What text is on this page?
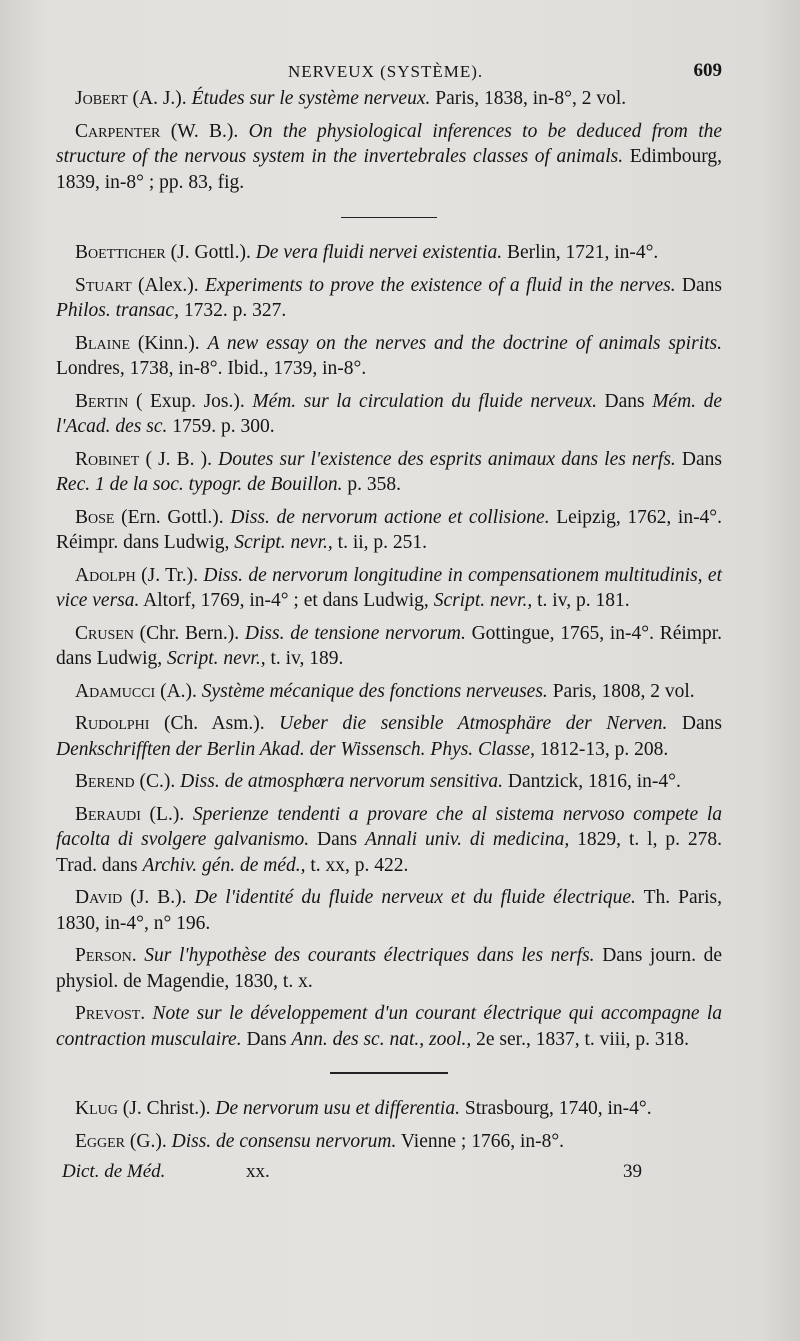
NERVEUX (SYSTÈME).	609

Jobert (A. J.). Études sur le système nerveux. Paris, 1838, in-8°, 2 vol.

Carpenter (W. B.). On the physiological inferences to be deduced from the structure of the nervous system in the invertebrales classes of animals. Edimbourg, 1839, in-8° ; pp. 83, fig.

Boetticher (J. Gottl.). De vera fluidi nervei existentia. Berlin, 1721, in-4°.

Stuart (Alex.). Experiments to prove the existence of a fluid in the nerves. Dans Philos. transac, 1732. p. 327.

Blaine (Kinn.). A new essay on the nerves and the doctrine of animals spirits. Londres, 1738, in-8°. Ibid., 1739, in-8°.

Bertin ( Exup. Jos.). Mém. sur la circulation du fluide nerveux. Dans Mém. de l'Acad. des sc. 1759. p. 300.

Robinet ( J. B. ). Doutes sur l'existence des esprits animaux dans les nerfs. Dans Rec. 1 de la soc. typogr. de Bouillon. p. 358.

Bose (Ern. Gottl.). Diss. de nervorum actione et collisione. Leipzig, 1762, in-4°. Réimpr. dans Ludwig, Script. nevr., t. ii, p. 251.

Adolph (J. Tr.). Diss. de nervorum longitudine in compensationem multitudinis, et vice versa. Altorf, 1769, in-4° ; et dans Ludwig, Script. nevr., t. iv, p. 181.

Crusen (Chr. Bern.). Diss. de tensione nervorum. Gottingue, 1765, in-4°. Réimpr. dans Ludwig, Script. nevr., t. iv, 189.

Adamucci (A.). Système mécanique des fonctions nerveuses. Paris, 1808, 2 vol.

Rudolphi (Ch. Asm.). Ueber die sensible Atmosphäre der Nerven. Dans Denkschrifften der Berlin Akad. der Wissensch. Phys. Classe, 1812-13, p. 208.

Berend (C.). Diss. de atmosphœra nervorum sensitiva. Dantzick, 1816, in-4°.

Beraudi (L.). Sperienze tendenti a provare che al sistema nervoso compete la facolta di svolgere galvanismo. Dans Annali univ. di medicina, 1829, t. l, p. 278. Trad. dans Archiv. gén. de méd., t. xx, p. 422.

David (J. B.). De l'identité du fluide nerveux et du fluide électrique. Th. Paris, 1830, in-4°, n° 196.

Person. Sur l'hypothèse des courants électriques dans les nerfs. Dans journ. de physiol. de Magendie, 1830, t. x.

Prevost. Note sur le développement d'un courant électrique qui accompagne la contraction musculaire. Dans Ann. des sc. nat., zool., 2e ser., 1837, t. viii, p. 318.

Klug (J. Christ.). De nervorum usu et differentia. Strasbourg, 1740, in-4°.

Egger (G.). Diss. de consensu nervorum. Vienne ; 1766, in-8°.

Dict. de Méd.	xx.	39
